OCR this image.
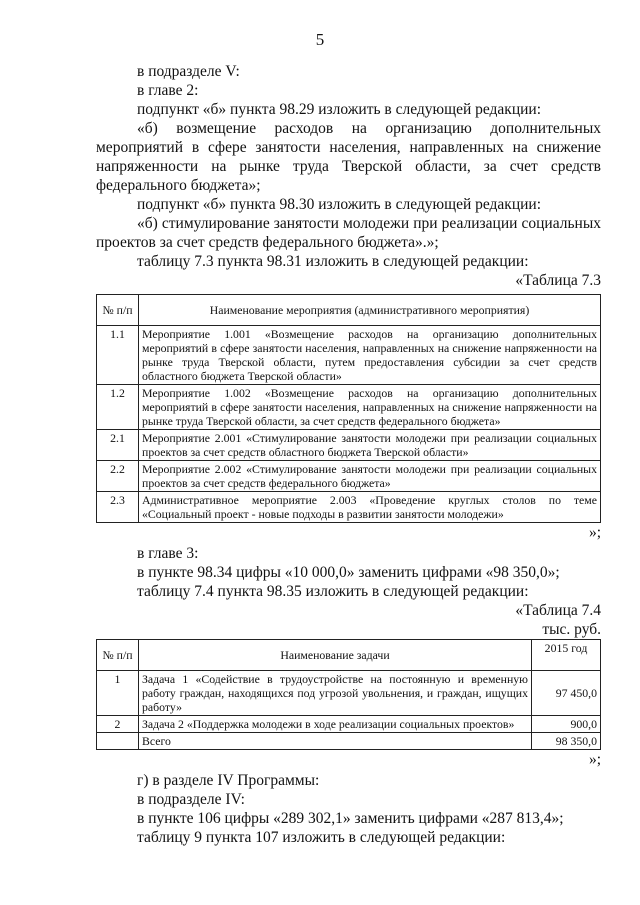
5

в подразделе V:

в главе 2:

подпункт «б» пункта 98.29 изложить в следующей редакции:

«б) возмещение расходов на организацию дополнительных мероприятий в сфере занятости населения, направленных на снижение напряженности на рынке труда Тверской области, за счет средств федерального бюджета»;

подпункт «б» пункта 98.30 изложить в следующей редакции:

«б) стимулирование занятости молодежи при реализации социальных проектов за счет средств федерального бюджета».»;

таблицу 7.3 пункта 98.31 изложить в следующей редакции:

«Таблица 7.3

№ п/п	Наименование мероприятия (административного мероприятия)
1.1	Мероприятие 1.001 «Возмещение расходов на организацию дополнительных мероприятий в сфере занятости населения, направленных на снижение напряженности на рынке труда Тверской области, путем предоставления субсидии за счет средств областного бюджета Тверской области»
1.2	Мероприятие 1.002 «Возмещение расходов на организацию дополнительных мероприятий в сфере занятости населения, направленных на снижение напряженности на рынке труда Тверской области, за счет средств федерального бюджета»
2.1	Мероприятие 2.001 «Стимулирование занятости молодежи при реализации социальных проектов за счет средств областного бюджета Тверской области»
2.2	Мероприятие 2.002 «Стимулирование занятости молодежи при реализации социальных проектов за счет средств федерального бюджета»
2.3	Административное мероприятие 2.003 «Проведение круглых столов по теме «Социальный проект - новые подходы в развитии занятости молодежи»

»;

в главе 3:

в пункте 98.34 цифры «10 000,0» заменить цифрами «98 350,0»;

таблицу 7.4 пункта 98.35 изложить в следующей редакции:

«Таблица 7.4

тыс. руб.

№ п/п	Наименование задачи	2015 год
1	Задача 1 «Содействие в трудоустройстве на постоянную и временную работу граждан, находящихся под угрозой увольнения, и граждан, ищущих работу»	97 450,0
2	Задача 2 «Поддержка молодежи в ходе реализации социальных проектов»	900,0
	Всего	98 350,0

»;

г) в разделе IV Программы:

в подразделе IV:

в пункте 106 цифры «289 302,1» заменить цифрами «287 813,4»;

таблицу 9 пункта 107 изложить в следующей редакции:
